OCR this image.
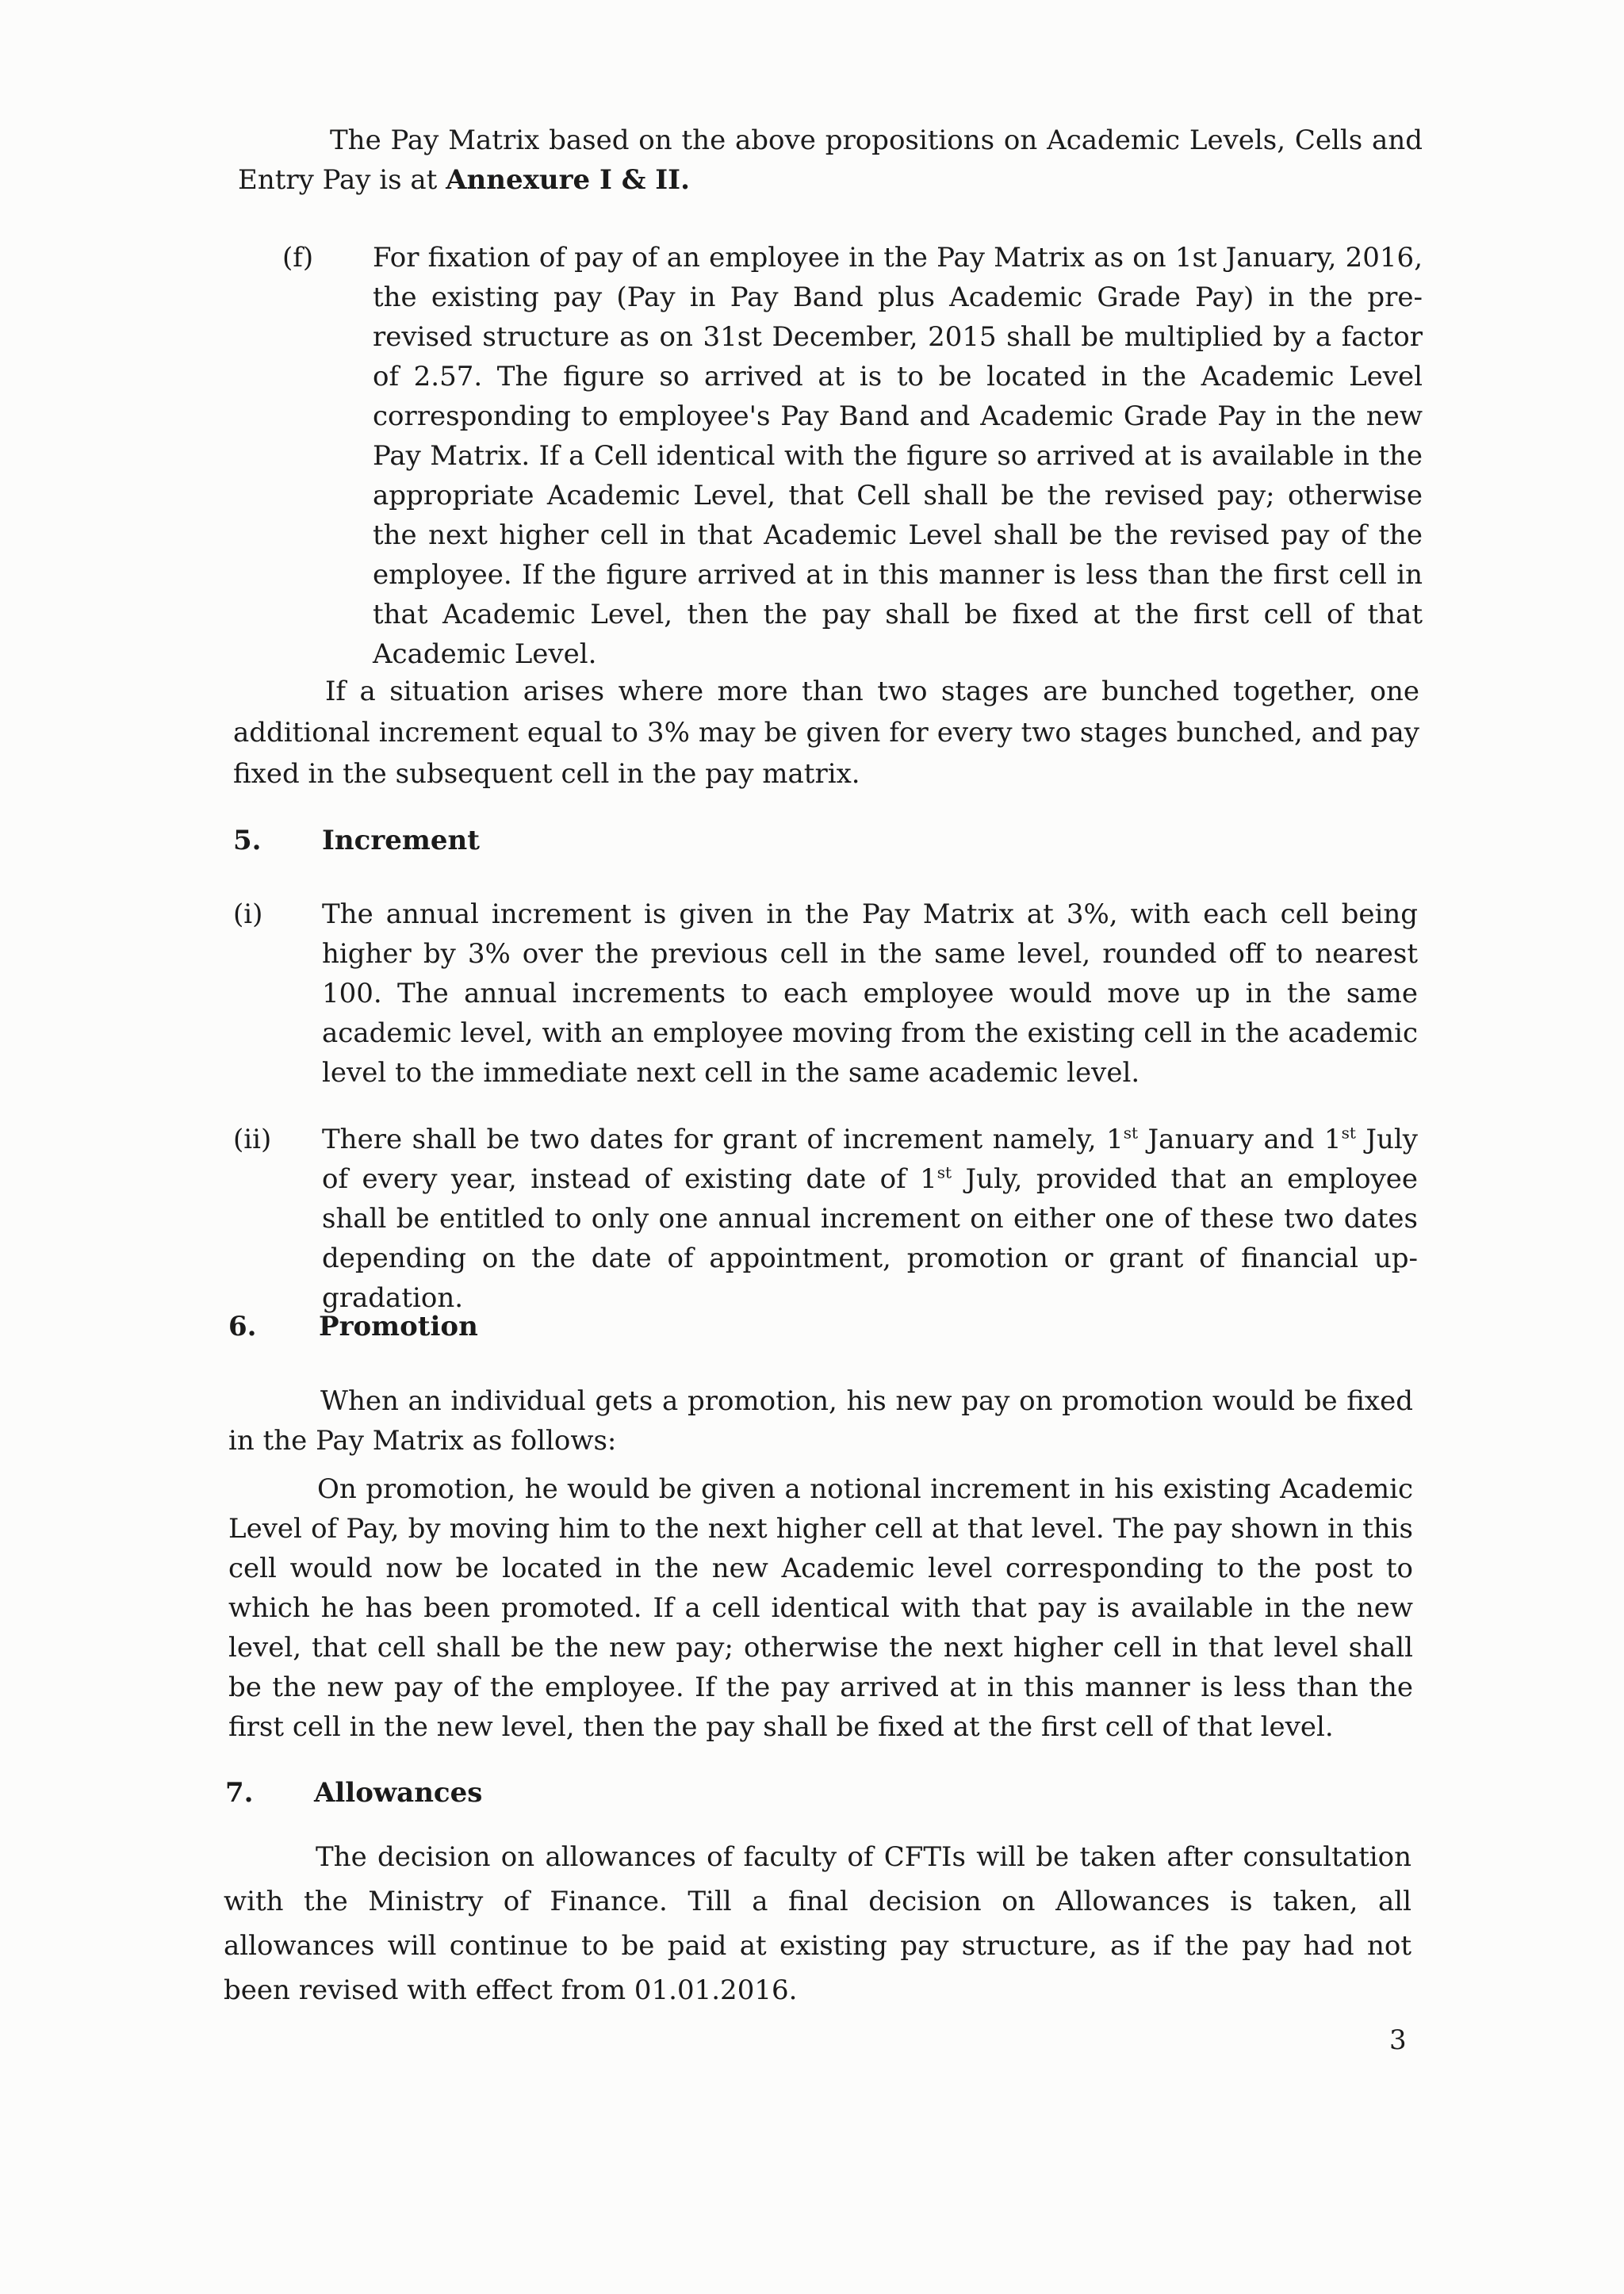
The Pay Matrix based on the above propositions on Academic Levels, Cells and Entry Pay is at Annexure I & II.
(f) For fixation of pay of an employee in the Pay Matrix as on 1st January, 2016, the existing pay (Pay in Pay Band plus Academic Grade Pay) in the pre-revised structure as on 31st December, 2015 shall be multiplied by a factor of 2.57. The figure so arrived at is to be located in the Academic Level corresponding to employee's Pay Band and Academic Grade Pay in the new Pay Matrix. If a Cell identical with the figure so arrived at is available in the appropriate Academic Level, that Cell shall be the revised pay; otherwise the next higher cell in that Academic Level shall be the revised pay of the employee. If the figure arrived at in this manner is less than the first cell in that Academic Level, then the pay shall be fixed at the first cell of that Academic Level.
If a situation arises where more than two stages are bunched together, one additional increment equal to 3% may be given for every two stages bunched, and pay fixed in the subsequent cell in the pay matrix.
5. Increment
(i) The annual increment is given in the Pay Matrix at 3%, with each cell being higher by 3% over the previous cell in the same level, rounded off to nearest 100. The annual increments to each employee would move up in the same academic level, with an employee moving from the existing cell in the academic level to the immediate next cell in the same academic level.
(ii) There shall be two dates for grant of increment namely, 1st January and 1st July of every year, instead of existing date of 1st July, provided that an employee shall be entitled to only one annual increment on either one of these two dates depending on the date of appointment, promotion or grant of financial up-gradation.
6. Promotion
When an individual gets a promotion, his new pay on promotion would be fixed in the Pay Matrix as follows:
On promotion, he would be given a notional increment in his existing Academic Level of Pay, by moving him to the next higher cell at that level. The pay shown in this cell would now be located in the new Academic level corresponding to the post to which he has been promoted. If a cell identical with that pay is available in the new level, that cell shall be the new pay; otherwise the next higher cell in that level shall be the new pay of the employee. If the pay arrived at in this manner is less than the first cell in the new level, then the pay shall be fixed at the first cell of that level.
7. Allowances
The decision on allowances of faculty of CFTIs will be taken after consultation with the Ministry of Finance. Till a final decision on Allowances is taken, all allowances will continue to be paid at existing pay structure, as if the pay had not been revised with effect from 01.01.2016.
3
